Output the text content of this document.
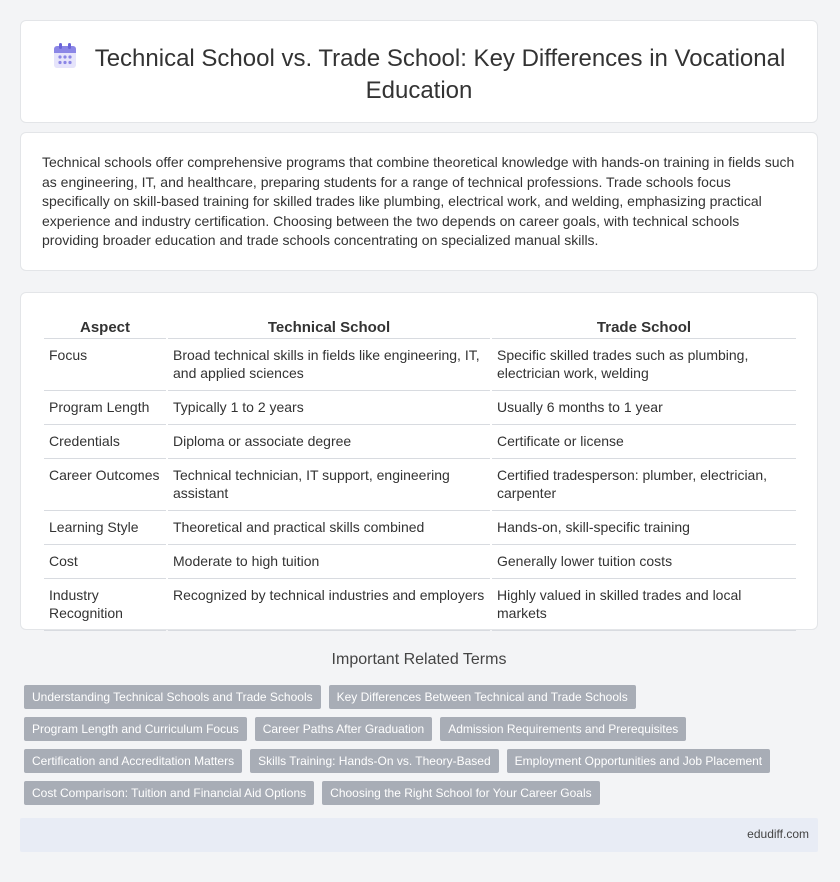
Technical School vs. Trade School: Key Differences in Vocational Education

Technical schools offer comprehensive programs that combine theoretical knowledge with hands-on training in fields such as engineering, IT, and healthcare, preparing students for a range of technical professions. Trade schools focus specifically on skill-based training for skilled trades like plumbing, electrical work, and welding, emphasizing practical experience and industry certification. Choosing between the two depends on career goals, with technical schools providing broader education and trade schools concentrating on specialized manual skills.

Aspect	Technical School	Trade School
Focus	Broad technical skills in fields like engineering, IT, and applied sciences	Specific skilled trades such as plumbing, electrician work, welding
Program Length	Typically 1 to 2 years	Usually 6 months to 1 year
Credentials	Diploma or associate degree	Certificate or license
Career Outcomes	Technical technician, IT support, engineering assistant	Certified tradesperson: plumber, electrician, carpenter
Learning Style	Theoretical and practical skills combined	Hands-on, skill-specific training
Cost	Moderate to high tuition	Generally lower tuition costs
Industry Recognition	Recognized by technical industries and employers	Highly valued in skilled trades and local markets
Important Related Terms
Understanding Technical Schools and Trade Schools	Key Differences Between Technical and Trade Schools
Program Length and Curriculum Focus	Career Paths After Graduation	Admission Requirements and Prerequisites
Certification and Accreditation Matters	Skills Training: Hands-On vs. Theory-Based	Employment Opportunities and Job Placement
Cost Comparison: Tuition and Financial Aid Options	Choosing the Right School for Your Career Goals
edudiff.com
